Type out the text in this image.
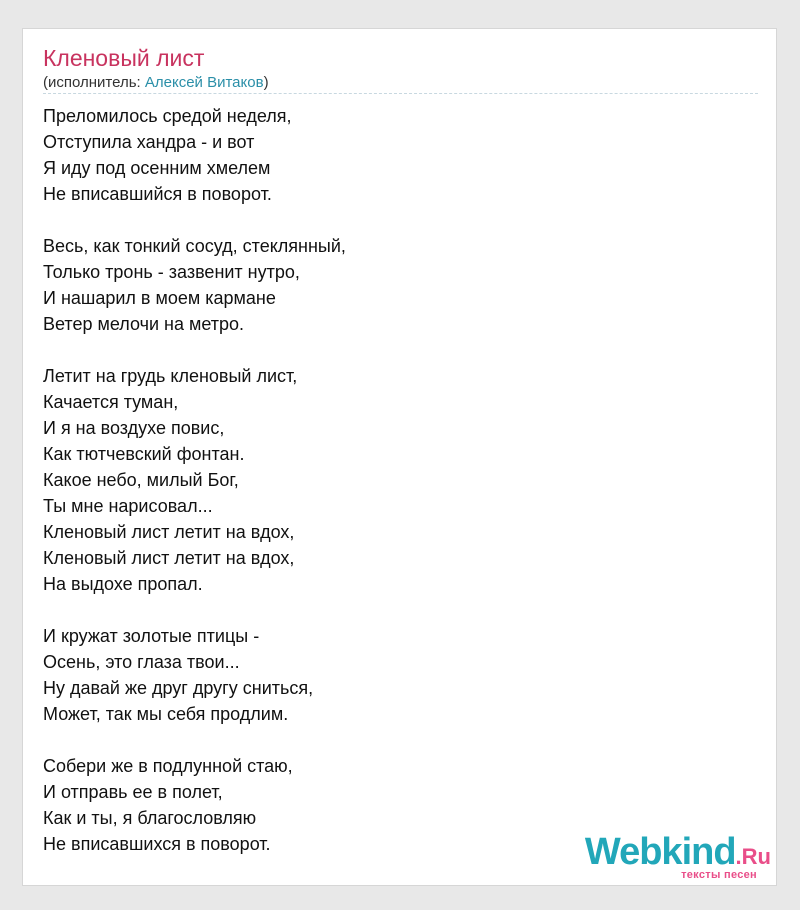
Кленовый лист
(исполнитель: Алексей Витаков)
Преломилось средой неделя,
Отступила хандра - и вот
Я иду под осенним хмелем
Не вписавшийся в поворот.
Весь, как тонкий сосуд, стеклянный,
Только тронь - зазвенит нутро,
И нашарил в моем кармане
Ветер мелочи на метро.
Летит на грудь кленовый лист,
Качается туман,
И я на воздухе повис,
Как тютчевский фонтан.
Какое небо, милый Бог,
Ты мне нарисовал...
Кленовый лист летит на вдох,
Кленовый лист летит на вдох,
На выдохе пропал.
И кружат золотые птицы -
Осень, это глаза твои...
Ну давай же друг другу сниться,
Может, так мы себя продлим.
Собери же в подлунной стаю,
И отправь ее в полет,
Как и ты, я благословляю
Не вписавшихся в поворот.	Webkind.Ru
тексты песен
